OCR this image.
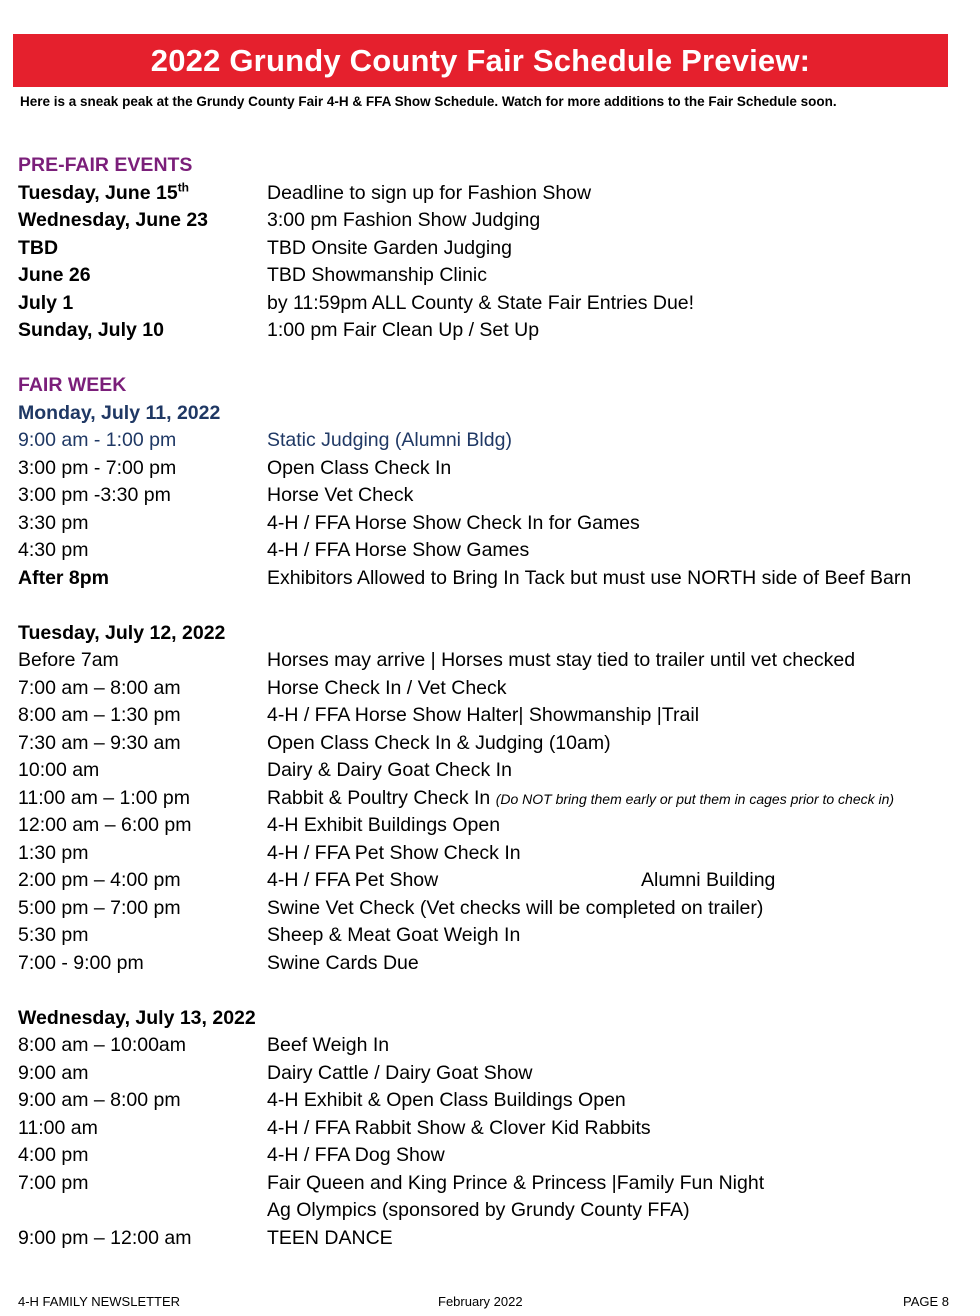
2022 Grundy County Fair Schedule Preview:
Here is a sneak peak at the Grundy County Fair 4-H & FFA Show Schedule. Watch for more additions to the Fair Schedule soon.
PRE-FAIR EVENTS
Tuesday, June 15th	Deadline to sign up for Fashion Show
Wednesday, June 23	3:00 pm Fashion Show Judging
TBD	TBD Onsite Garden Judging
June 26	TBD Showmanship Clinic
July 1	by 11:59pm ALL County & State Fair Entries Due!
Sunday, July 10	1:00 pm Fair Clean Up / Set Up
FAIR WEEK
Monday, July 11, 2022
9:00 am - 1:00 pm	Static Judging (Alumni Bldg)
3:00 pm - 7:00 pm	Open Class Check In
3:00 pm -3:30 pm	Horse Vet Check
3:30 pm	4-H / FFA Horse Show Check In for Games
4:30 pm	4-H / FFA Horse Show Games
After 8pm	Exhibitors Allowed to Bring In Tack but must use NORTH side of Beef Barn
Tuesday, July 12, 2022
Before 7am	Horses may arrive | Horses must stay tied to trailer until vet checked
7:00 am – 8:00 am	Horse Check In / Vet Check
8:00 am – 1:30 pm	4-H / FFA Horse Show Halter| Showmanship |Trail
7:30 am – 9:30 am	Open Class Check In & Judging (10am)
10:00 am	Dairy & Dairy Goat Check In
11:00 am – 1:00 pm	Rabbit & Poultry Check In (Do NOT bring them early or put them in cages prior to check in)
12:00 am – 6:00 pm	4-H Exhibit Buildings Open
1:30 pm	4-H / FFA Pet Show Check In
2:00 pm – 4:00 pm	4-H / FFA Pet Show	Alumni Building
5:00 pm – 7:00 pm	Swine Vet Check (Vet checks will be completed on trailer)
5:30 pm	Sheep & Meat Goat Weigh In
7:00 - 9:00 pm	Swine Cards Due
Wednesday, July 13, 2022
8:00 am – 10:00am	Beef Weigh In
9:00 am	Dairy Cattle / Dairy Goat Show
9:00 am – 8:00 pm	4-H Exhibit & Open Class Buildings Open
11:00 am	4-H / FFA Rabbit Show & Clover Kid Rabbits
4:00 pm	4-H / FFA Dog Show
7:00 pm	Fair Queen and King Prince & Princess |Family Fun Night
Ag Olympics (sponsored by Grundy County FFA)
9:00 pm – 12:00 am	TEEN DANCE
4-H FAMILY NEWSLETTER	February 2022	PAGE 8
